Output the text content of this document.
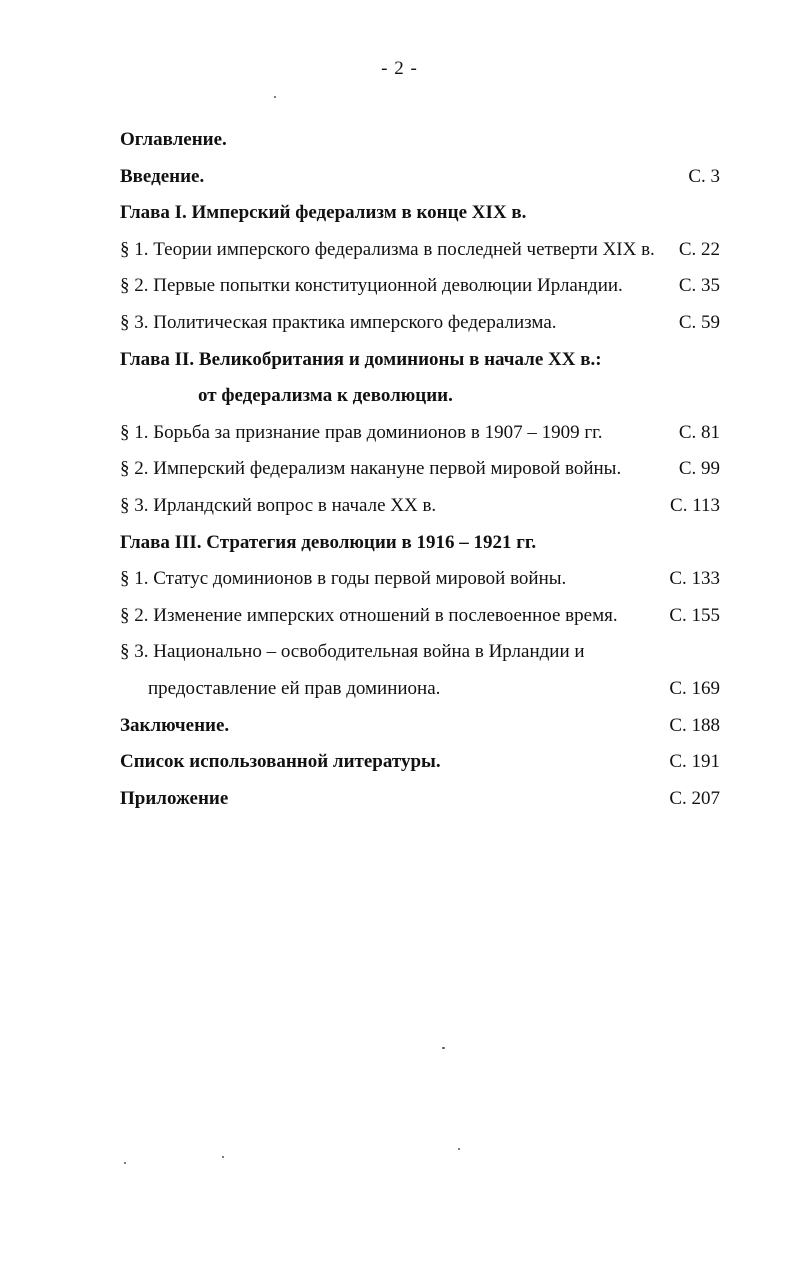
- 2 -
Оглавление.
Введение.	С. 3
Глава I. Имперский федерализм в конце XIX в.
§ 1. Теории имперского федерализма в последней четверти XIX в. С. 22
§ 2. Первые попытки конституционной деволюции Ирландии.	С. 35
§ 3. Политическая практика имперского федерализма.	С. 59
Глава II. Великобритания и доминионы в начале XX в.:
от федерализма к деволюции.
§ 1. Борьба за признание прав доминионов в 1907 – 1909 гг.	С. 81
§ 2. Имперский федерализм накануне первой мировой войны.	С. 99
§ 3. Ирландский вопрос в начале XX в.	С. 113
Глава III. Стратегия деволюции в 1916 – 1921 гг.
§ 1. Статус доминионов в годы первой мировой войны.	С. 133
§ 2. Изменение имперских отношений в послевоенное время.	С. 155
§ 3. Национально – освободительная война в Ирландии и
предоставление ей прав доминиона.	С. 169
Заключение.	С. 188
Список использованной литературы.	С. 191
Приложение	С. 207
